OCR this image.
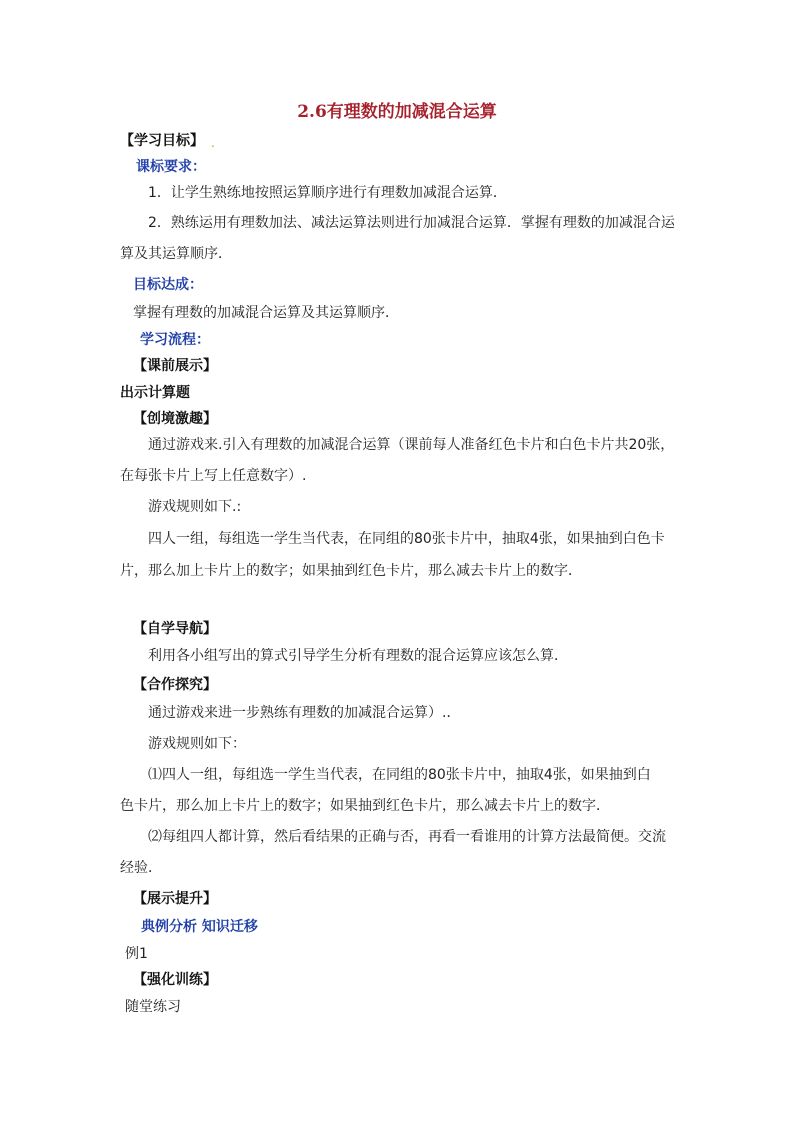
2.6有理数的加减混合运算
【学习目标】 .
课标要求：
1．让学生熟练地按照运算顺序进行有理数加减混合运算．
2．熟练运用有理数加法、减法运算法则进行加减混合运算．掌握有理数的加减混合运
算及其运算顺序．
目标达成：
掌握有理数的加减混合运算及其运算顺序．
学习流程：
【课前展示】
出示计算题
【创境激趣】
通过游戏来.引入有理数的加减混合运算（课前每人准备红色卡片和白色卡片共20张，
在每张卡片上写上任意数字）.
游戏规则如下.:
四人一组，每组选一学生当代表，在同组的80张卡片中，抽取4张，如果抽到白色卡
片，那么加上卡片上的数字；如果抽到红色卡片，那么减去卡片上的数字．
【自学导航】
利用各小组写出的算式引导学生分析有理数的混合运算应该怎么算．
【合作探究】
通过游戏来进一步熟练有理数的加减混合运算）.．
游戏规则如下：
⑴四人一组，每组选一学生当代表，在同组的80张卡片中，抽取4张，如果抽到白
色卡片，那么加上卡片上的数字；如果抽到红色卡片，那么减去卡片上的数字．
⑵每组四人都计算，然后看结果的正确与否，再看一看谁用的计算方法最简便。交流
经验．
【展示提升】
典例分析 知识迁移
例1
【强化训练】
随堂练习
